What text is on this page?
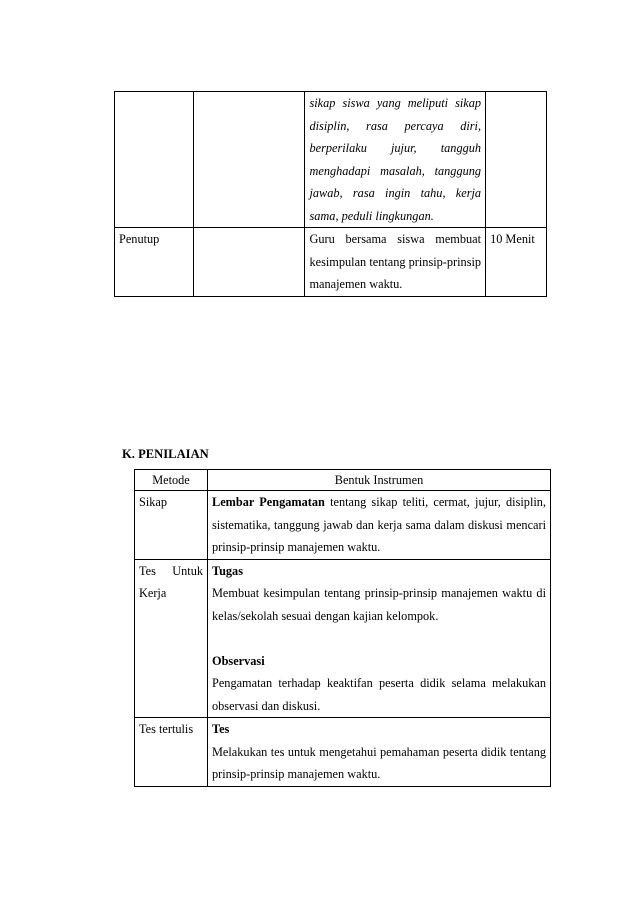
		sikap siswa yang meliputi sikap disiplin, rasa percaya diri, berperilaku jujur, tangguh menghadapi masalah, tanggung jawab, rasa ingin tahu, kerja sama, peduli lingkungan.	
Penutup		Guru bersama siswa membuat kesimpulan tentang prinsip-prinsip manajemen waktu.	10 Menit

K. PENILAIAN

Metode	Bentuk Instrumen
Sikap	Lembar Pengamatan tentang sikap teliti, cermat, jujur, disiplin, sistematika, tanggung jawab dan kerja sama dalam diskusi mencari prinsip-prinsip manajemen waktu.
Tes Untuk Kerja	Tugas
Membuat kesimpulan tentang prinsip-prinsip manajemen waktu di kelas/sekolah sesuai dengan kajian kelompok.
Observasi
Pengamatan terhadap keaktifan peserta didik selama melakukan observasi dan diskusi.

Tes tertulis	Tes
Melakukan tes untuk mengetahui pemahaman peserta didik tentang prinsip-prinsip manajemen waktu.
